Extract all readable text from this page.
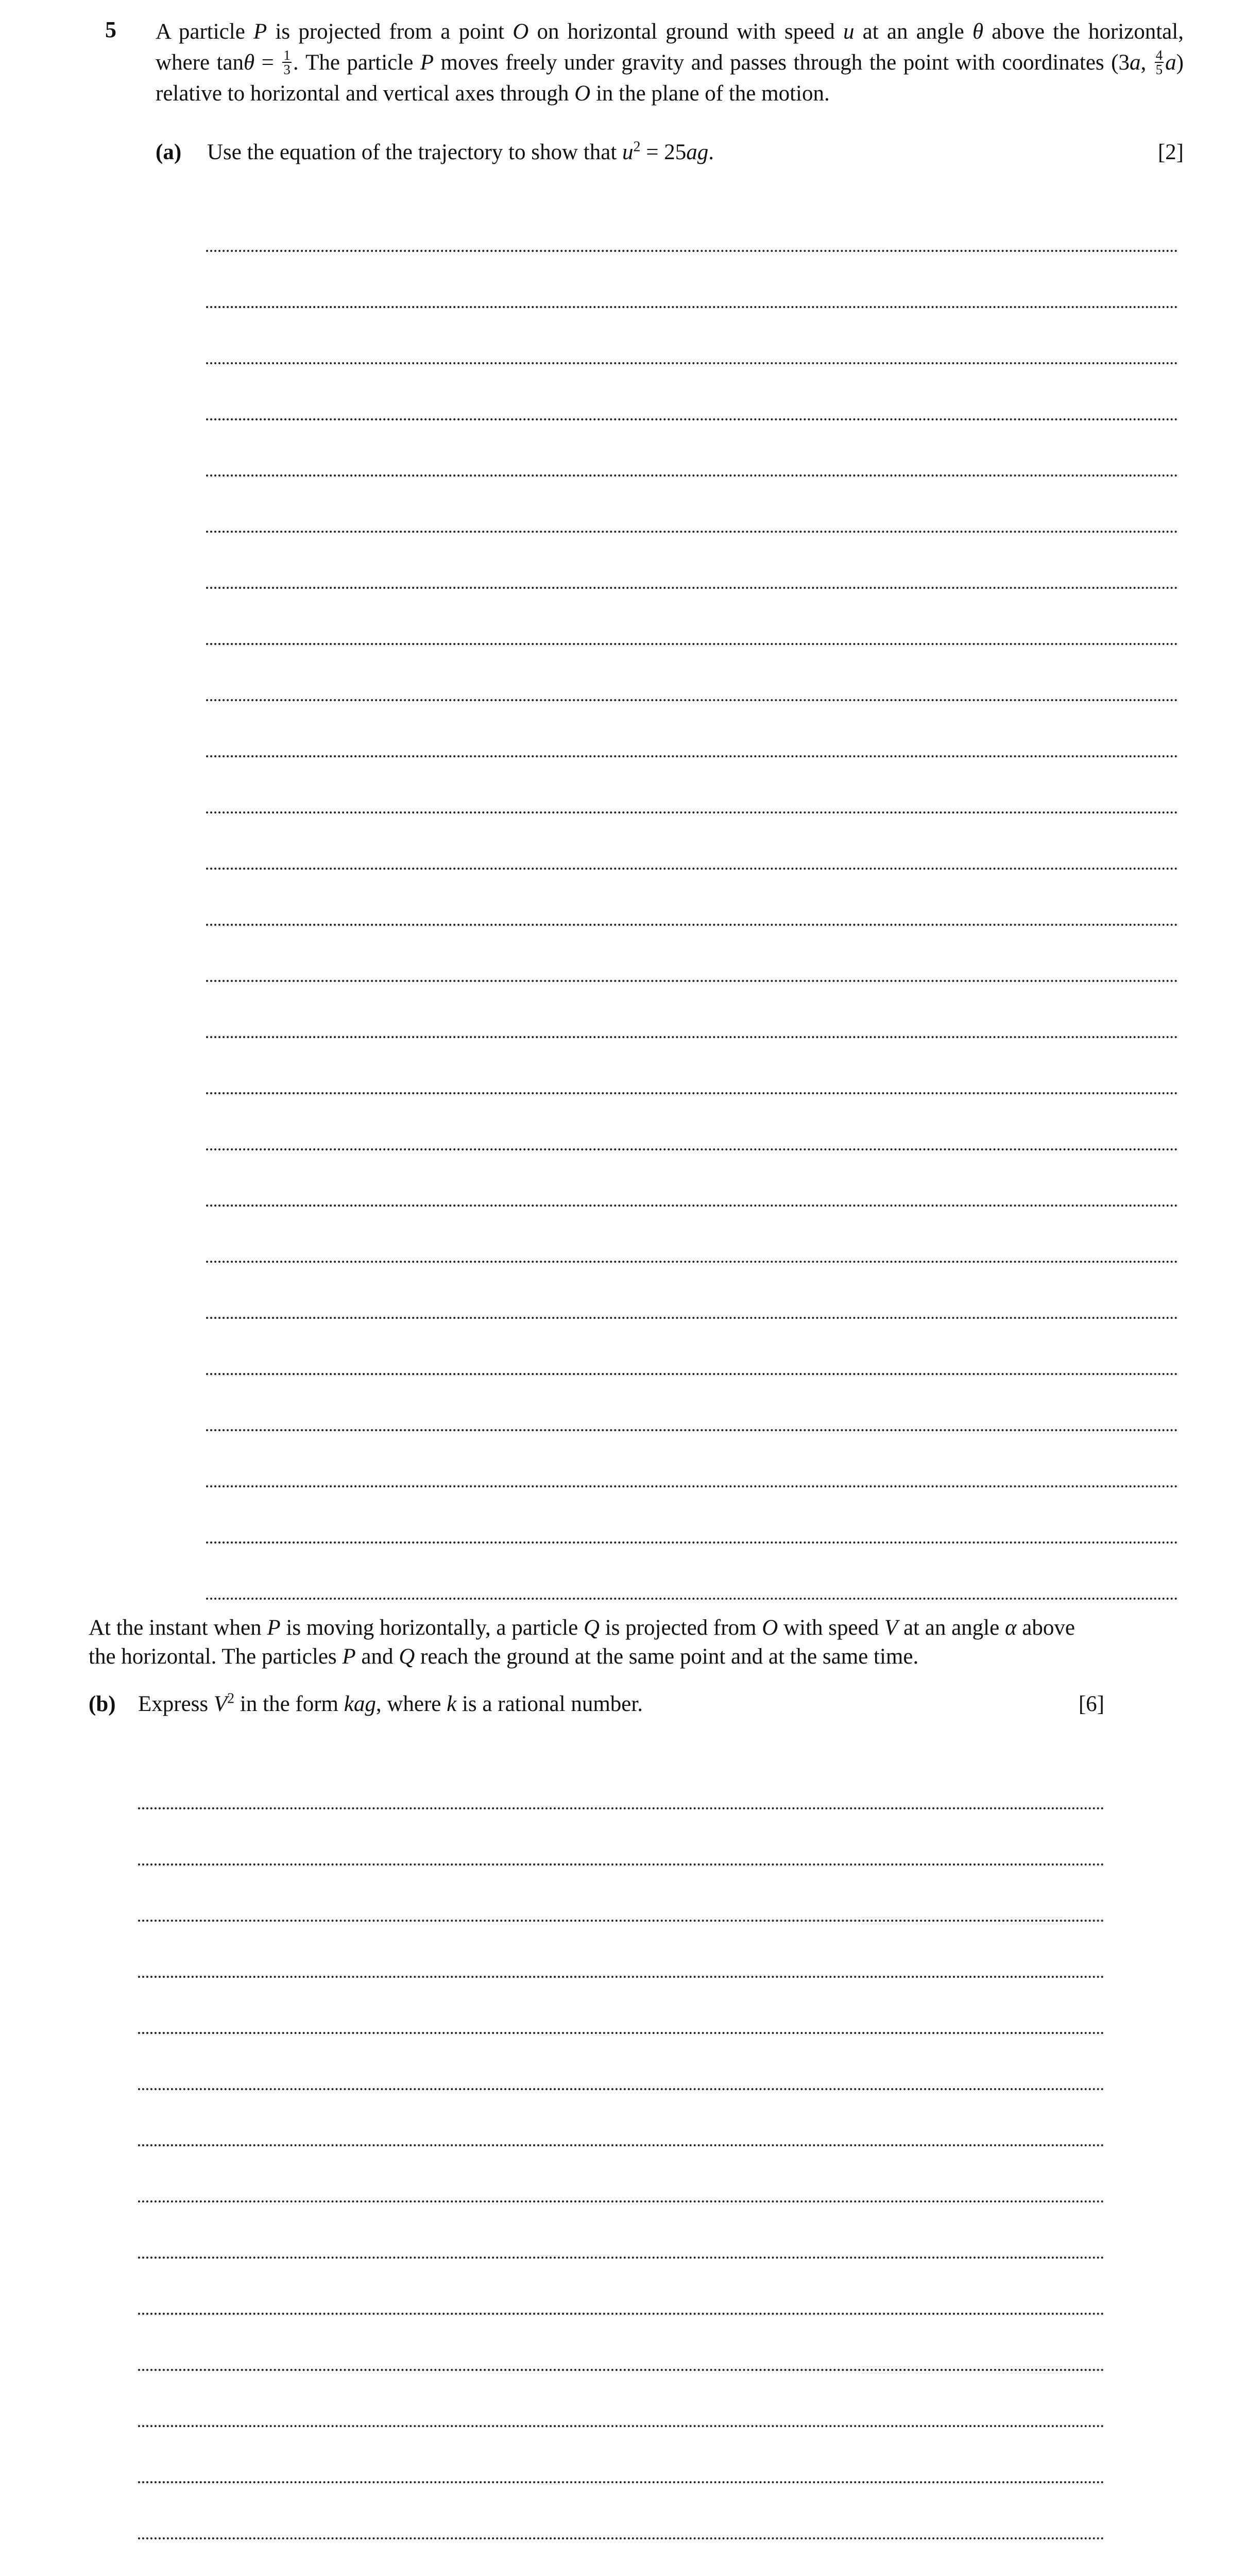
5 A particle P is projected from a point O on horizontal ground with speed u at an angle θ above the horizontal, where $\tan\theta = \frac{1}{3}$ . The particle P moves freely under gravity and passes through the point with coordinates (3a, $\frac{4}{5} a$) relative to horizontal and vertical axes through O in the plane of the motion.

(a) Use the equation of the trajectory to show that $u^2 = 25ag$.	[2]

At the instant when P is moving horizontally, a particle Q is projected from O with speed V at an angle α above the horizontal. The particles P and Q reach the ground at the same point and at the same time.

(b) Express $V^2$ in the form kag, where k is a rational number.	[6]
